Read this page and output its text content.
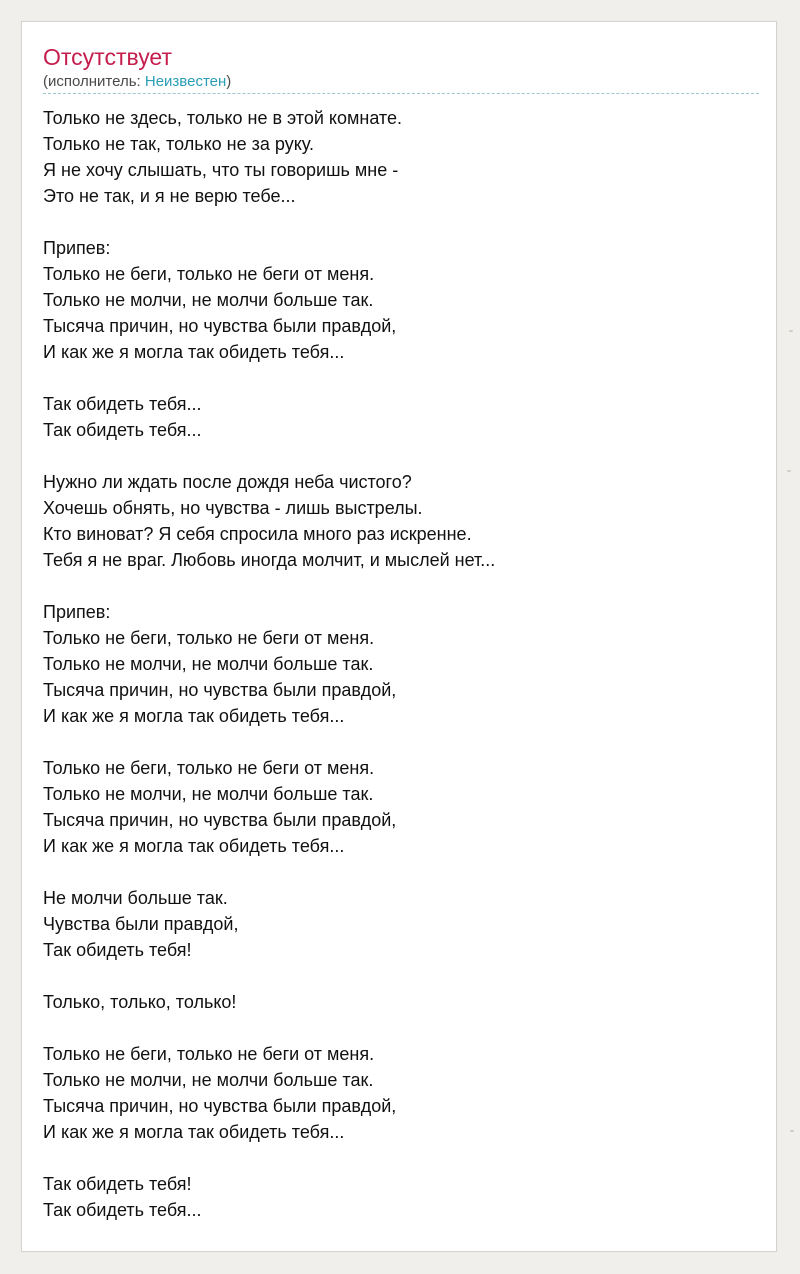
Отсутствует
(исполнитель: Неизвестен)
Только не здесь, только не в этой комнате.
Только не так, только не за руку.
Я не хочу слышать, что ты говоришь мне -
Это не так, и я не верю тебе...
Припев:
Только не беги, только не беги от меня.
Только не молчи, не молчи больше так.
Тысяча причин, но чувства были правдой,
И как же я могла так обидеть тебя...
Так обидеть тебя...
Так обидеть тебя...
Нужно ли ждать после дождя неба чистого?
Хочешь обнять, но чувства - лишь выстрелы.
Кто виноват? Я себя спросила много раз искренне.
Тебя я не враг. Любовь иногда молчит, и мыслей нет...
Припев:
Только не беги, только не беги от меня.
Только не молчи, не молчи больше так.
Тысяча причин, но чувства были правдой,
И как же я могла так обидеть тебя...
Только не беги, только не беги от меня.
Только не молчи, не молчи больше так.
Тысяча причин, но чувства были правдой,
И как же я могла так обидеть тебя...
Не молчи больше так.
Чувства были правдой,
Так обидеть тебя!
Только, только, только!
Только не беги, только не беги от меня.
Только не молчи, не молчи больше так.
Тысяча причин, но чувства были правдой,
И как же я могла так обидеть тебя...
Так обидеть тебя!
Так обидеть тебя...
